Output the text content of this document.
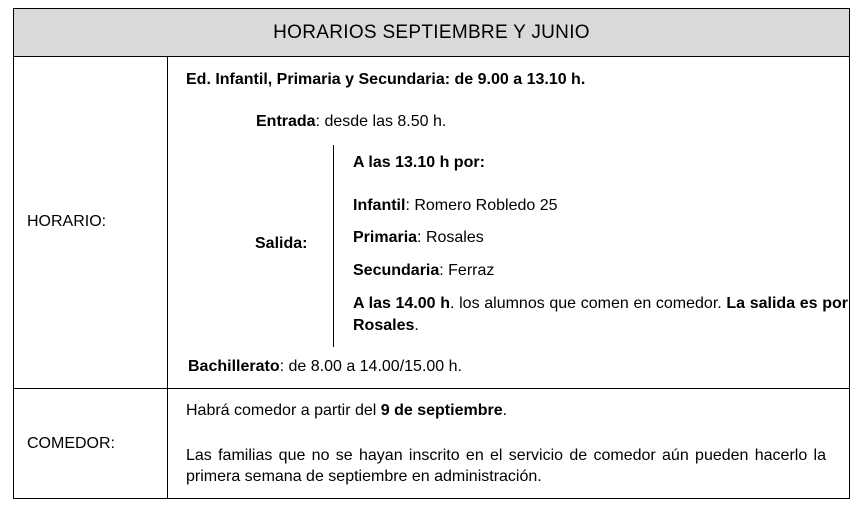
HORARIOS SEPTIEMBRE Y JUNIO
HORARIO:
Ed. Infantil, Primaria y Secundaria: de 9.00 a 13.10 h.
Entrada: desde las 8.50 h.
Salida:
A las 13.10 h por:
Infantil: Romero Robledo 25
Primaria: Rosales
Secundaria: Ferraz
A las 14.00 h. los alumnos que comen en comedor. La salida es por Rosales.
Bachillerato: de 8.00 a 14.00/15.00 h.
COMEDOR:
Habrá comedor a partir del 9 de septiembre.
Las familias que no se hayan inscrito en el servicio de comedor aún pueden hacerlo la primera semana de septiembre en administración.
